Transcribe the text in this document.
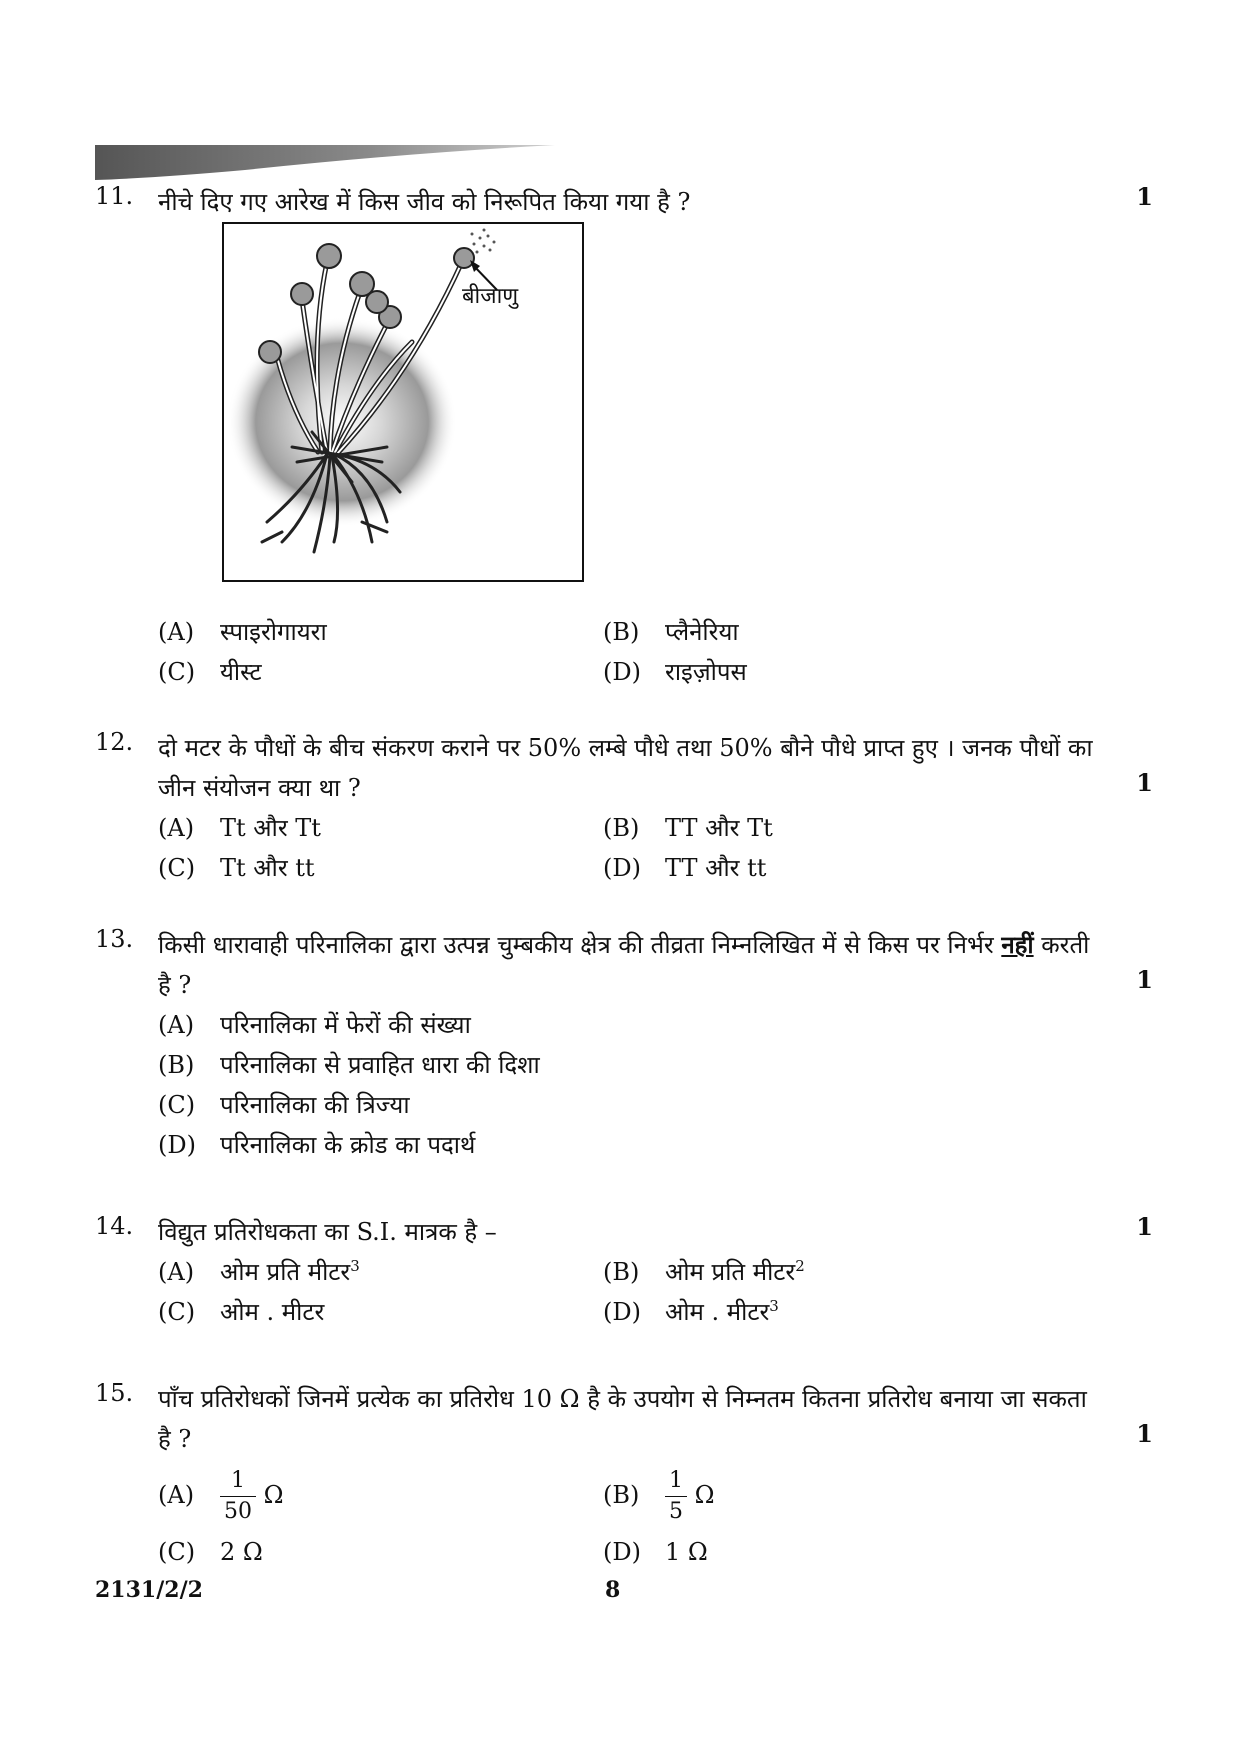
11. नीचे दिए गए आरेख में किस जीव को निरूपित किया गया है ?	1
बीजाणु
(A) स्पाइरोगायरा	(B) प्लैनेरिया
(C) यीस्ट	(D) राइज़ोपस
12. दो मटर के पौधों के बीच संकरण कराने पर 50% लम्बे पौधे तथा 50% बौने पौधे प्राप्त हुए । जनक पौधों का जीन संयोजन क्या था ?	1
(A) Tt और Tt	(B) TT और Tt
(C) Tt और tt	(D) TT और tt
13. किसी धारावाही परिनालिका द्वारा उत्पन्न चुम्बकीय क्षेत्र की तीव्रता निम्नलिखित में से किस पर निर्भर नहीं करती है ?	1
(A) परिनालिका में फेरों की संख्या
(B) परिनालिका से प्रवाहित धारा की दिशा
(C) परिनालिका की त्रिज्या
(D) परिनालिका के क्रोड का पदार्थ
14. विद्युत प्रतिरोधकता का S.I. मात्रक है –	1
(A) ओम प्रति मीटर$^3$	(B) ओम प्रति मीटर$^2$
(C) ओम . मीटर	(D) ओम . मीटर$^3$
15. पाँच प्रतिरोधकों जिनमें प्रत्येक का प्रतिरोध 10 Ω है के उपयोग से निम्नतम कितना प्रतिरोध बनाया जा सकता है ?	1
$(A) \frac{1}{50}$ Ω	$(B) \frac{1}{5}$ Ω
(C) 2 Ω	(D) 1 Ω
2131/2/2	8
